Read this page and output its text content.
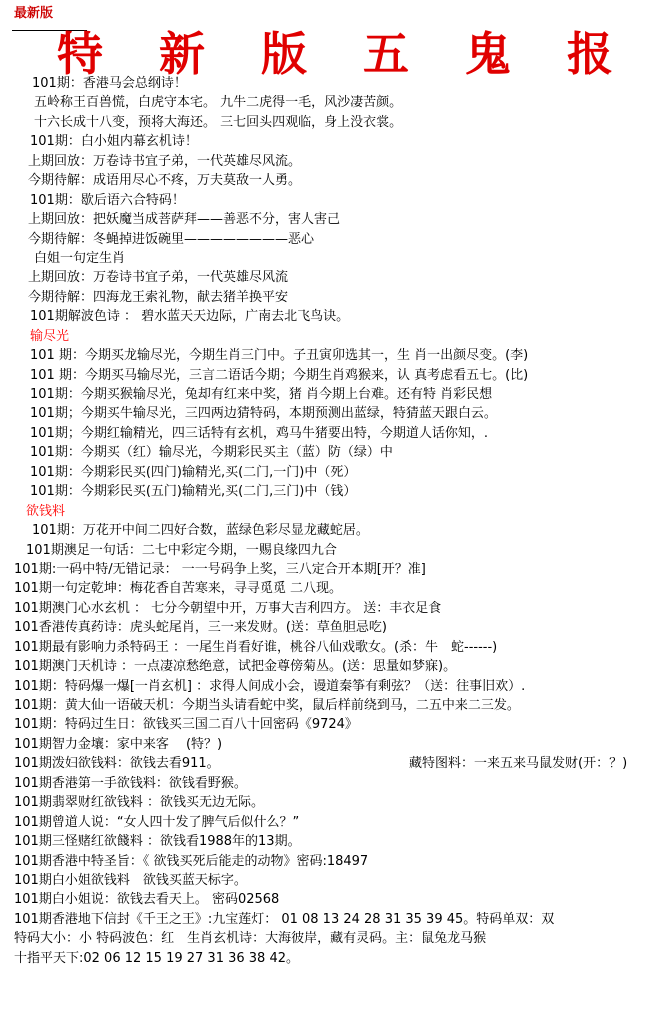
最新版
特 新 版 五 鬼 报
101期：香港马会总纲诗！
五岭称王百兽慌，白虎守本宅。 九牛二虎得一毛，风沙凄苦颜。
十六长成十八变，预将大海还。 三七回头四观临，身上没衣裳。
101期：白小姐内幕玄机诗！
上期回放：万卷诗书宜子弟，一代英雄尽风流。
今期待解：成语用尽心不疼，万夫莫敌一人勇。
101期：歇后语六合特码！
上期回放：把妖魔当成菩萨拜——善恶不分，害人害己
今期待解：冬蝇掉进饭碗里————————恶心
白姐一句定生肖
上期回放：万卷诗书宜子弟，一代英雄尽风流
今期待解：四海龙王索礼物，献去猪羊换平安
101期解波色诗 ： 碧水蓝天天边际，广南去北飞鸟诀。
输尽光
101 期：今期买龙输尽光，今期生肖三门中。子丑寅卯选其一，生 肖一出颜尽变。(李)
101 期：今期买马输尽光，三言二语话今期；今期生肖鸡猴来，认 真考虑看五七。(比)
101期：今期买猴输尽光，兔却有红来中奖，猪 肖今期上台难。还有特 肖彩民想
101期；今期买牛输尽光，三四两边猜特码，本期预测出蓝绿，特猜蓝天跟白云。
101期；今期红输精光，四三话特有玄机，鸡马牛猪要出特，今期道人话你知，.
101期：今期买（红）输尽光，今期彩民买主（蓝）防（绿）中
101期：今期彩民买(四门)输精光,买(二门,一门)中（死）
101期：今期彩民买(五门)输精光,买(二门,三门)中（钱）
欲钱料
101期：万花开中间二四好合数，蓝绿色彩尽显龙藏蛇居。
101期澳足一句话：二七中彩定今期，一赐良缘四九合
101期:一码中特/无错记录： 一一号码争上奖，三八定合开本期[开？准]
101期一句定乾坤：梅花香自苦寒来，寻寻觅觅 二八现。
101期澳门心水玄机 ： 七分今朝望中开，万事大吉利四方。 送：丰衣足食
101香港传真药诗：虎头蛇尾肖，三一来发财。(送：草鱼胆忌吃)
101期最有影响力杀特码王 ：一尾生肖看好谁，桃谷八仙戏歌女。(杀：牛　蛇------)
101期澳门天机诗 ：一点凄凉愁绝意，试把金尊傍菊丛。(送：思量如梦寐)。
101期：特码爆一爆[一肖玄机] ：求得人间成小会，谩道秦筝有剩弦？（送：往事旧欢）.
101期：黄大仙一语破天机：今期当头请看蛇中奖，鼠后样前绕到马，二五中来二三发。
101期：特码过生日：欲钱买三国二百八十回密码《9724》
101期智力金壤：家中来客　 (特？)
101期泼妇欲钱料：欲钱去看911。	藏特图料：一来五来马鼠发财(开：？)
101期香港第一手欲钱料：欲钱看野猴。
101期翡翠财红欲钱料 ：欲钱买无边无际。
101期曾道人说：“女人四十发了脾气后似什么？”
101期三怪赌红欲餞料 ：欲钱看1988年的13期。
101期香港中特圣旨：《 欲钱买死后能走的动物》密码:18497
101期白小姐欲钱料　欲钱买蓝天标字。
101期白小姐说：欲钱去看天上。 密码02568
101期香港地下信封《千王之王》:九宝莲灯： 01 08 13 24 28 31 35 39 45。特码单双：双
特码大小：小 特码波色：红　生肖玄机诗：大海彼岸，藏有灵码。主：鼠兔龙马猴
十指平天下:02 06 12 15 19 27 31 36 38 42。
